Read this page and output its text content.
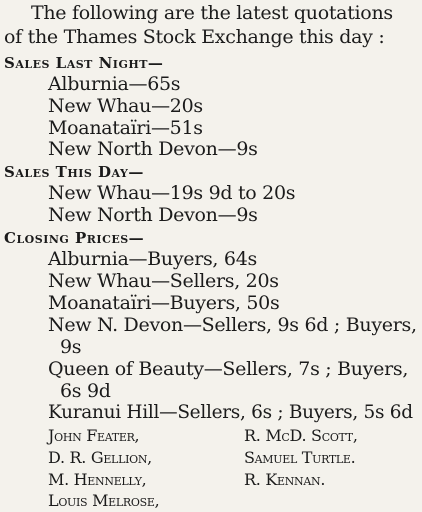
The following are the latest quotations
of the Thames Stock Exchange this day :
Sales Last Night—
Alburnia—65s
New Whau—20s
Moanataïri—51s
New North Devon—9s
Sales This Day—
New Whau—19s 9d to 20s
New North Devon—9s
Closing Prices—
Alburnia—Buyers, 64s
New Whau—Sellers, 20s
Moanataïri—Buyers, 50s
New N. Devon—Sellers, 9s 6d ; Buyers,
9s
Queen of Beauty—Sellers, 7s ; Buyers,
6s 9d
Kuranui Hill—Sellers, 6s ; Buyers, 5s 6d
John Feater,	R. McD. Scott,
D. R. Gellion,	Samuel Turtle.
M. Hennelly,	R. Kennan.
Louis Melrose,
